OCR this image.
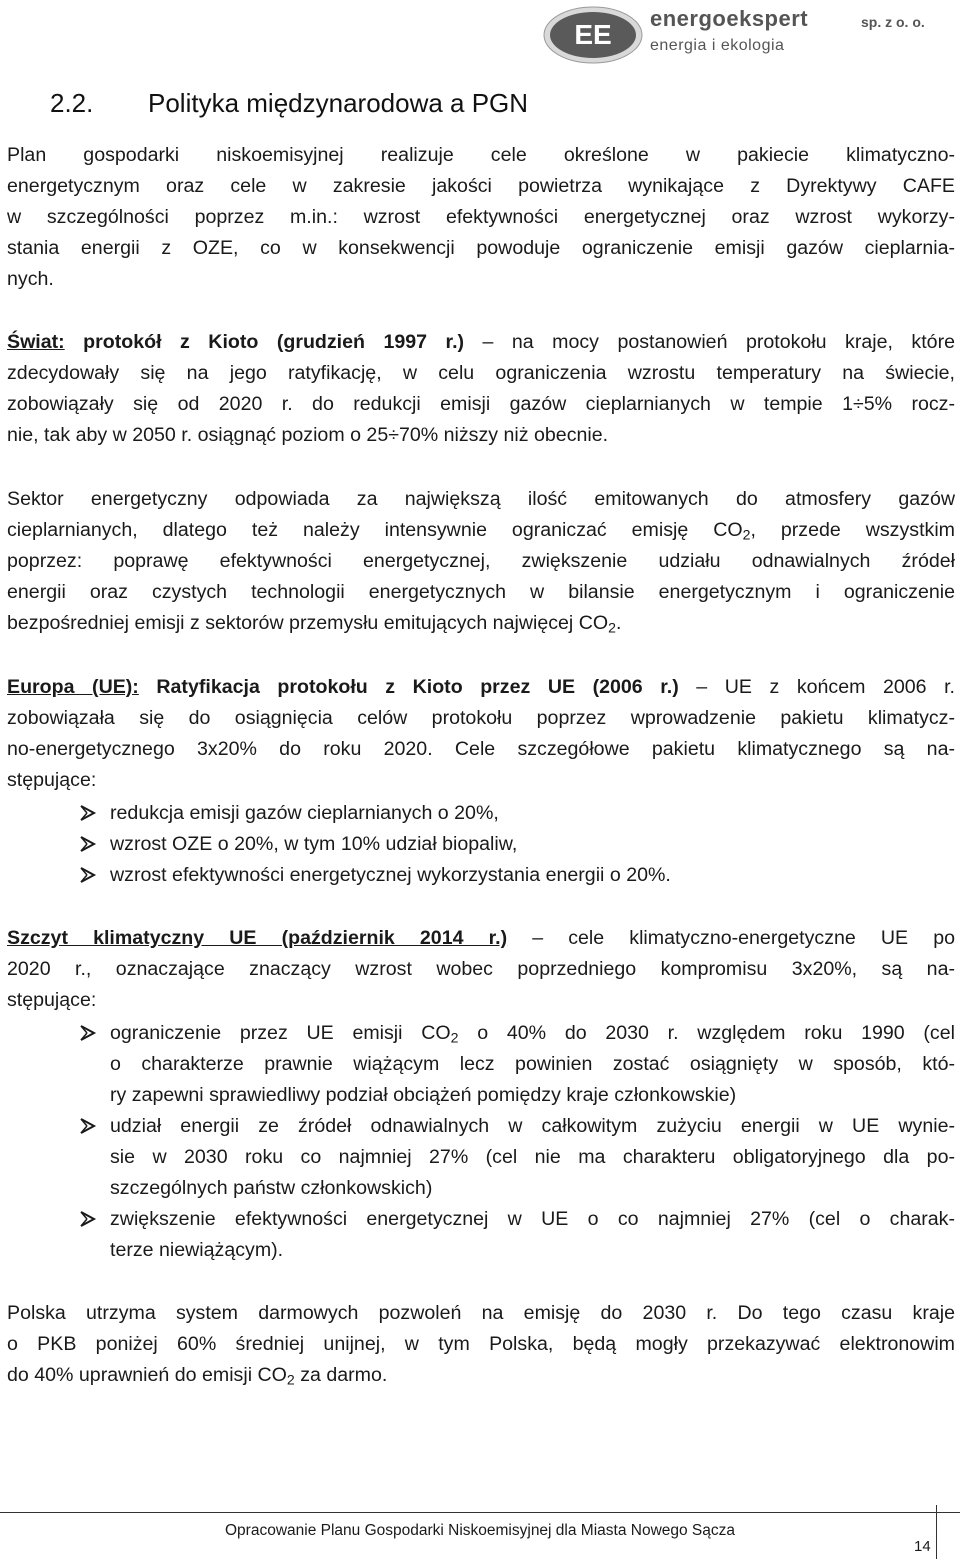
EE
energoekspert
energia i ekologia
sp. z o. o.
2.2. Polityka międzynarodowa a PGN
Plan gospodarki niskoemisyjnej realizuje cele określone w pakiecie klimatyczno-
energetycznym oraz cele w zakresie jakości powietrza wynikające z Dyrektywy CAFE
w szczególności poprzez m.in.: wzrost efektywności energetycznej oraz wzrost wykorzy-
stania energii z OZE, co w konsekwencji powoduje ograniczenie emisji gazów cieplarnia-
nych.
Świat: protokół z Kioto (grudzień 1997 r.) – na mocy postanowień protokołu kraje, które
zdecydowały się na jego ratyfikację, w celu ograniczenia wzrostu temperatury na świecie,
zobowiązały się od 2020 r. do redukcji emisji gazów cieplarnianych w tempie 1÷5% rocz-
nie, tak aby w 2050 r. osiągnąć poziom o 25÷70% niższy niż obecnie.
Sektor energetyczny odpowiada za największą ilość emitowanych do atmosfery gazów
cieplarnianych, dlatego też należy intensywnie ograniczać emisję $CO_2$, przede wszystkim
poprzez: poprawę efektywności energetycznej, zwiększenie udziału odnawialnych źródeł
energii oraz czystych technologii energetycznych w bilansie energetycznym i ograniczenie
bezpośredniej emisji z sektorów przemysłu emitujących najwięcej $CO_2$.
Europa (UE): Ratyfikacja protokołu z Kioto przez UE (2006 r.) – UE z końcem 2006 r.
zobowiązała się do osiągnięcia celów protokołu poprzez wprowadzenie pakietu klimatycz-
no-energetycznego 3x20% do roku 2020. Cele szczegółowe pakietu klimatycznego są na-
stępujące:
redukcja emisji gazów cieplarnianych o 20%,
wzrost OZE o 20%, w tym 10% udział biopaliw,
wzrost efektywności energetycznej wykorzystania energii o 20%.
Szczyt klimatyczny UE (październik 2014 r.) – cele klimatyczno-energetyczne UE po
2020 r., oznaczające znaczący wzrost wobec poprzedniego kompromisu 3x20%, są na-
stępujące:
ograniczenie przez UE emisji $CO_2$ o 40% do 2030 r. względem roku 1990 (cel
o charakterze prawnie wiążącym lecz powinien zostać osiągnięty w sposób, któ-
ry zapewni sprawiedliwy podział obciążeń pomiędzy kraje członkowskie)
udział energii ze źródeł odnawialnych w całkowitym zużyciu energii w UE wynie-
sie w 2030 roku co najmniej 27% (cel nie ma charakteru obligatoryjnego dla po-
szczególnych państw członkowskich)
zwiększenie efektywności energetycznej w UE o co najmniej 27% (cel o charak-
terze niewiążącym).
Polska utrzyma system darmowych pozwoleń na emisję do 2030 r. Do tego czasu kraje
o PKB poniżej 60% średniej unijnej, w tym Polska, będą mogły przekazywać elektronowim
do 40% uprawnień do emisji $CO_2$ za darmo.
Opracowanie Planu Gospodarki Niskoemisyjnej dla Miasta Nowego Sącza
14
